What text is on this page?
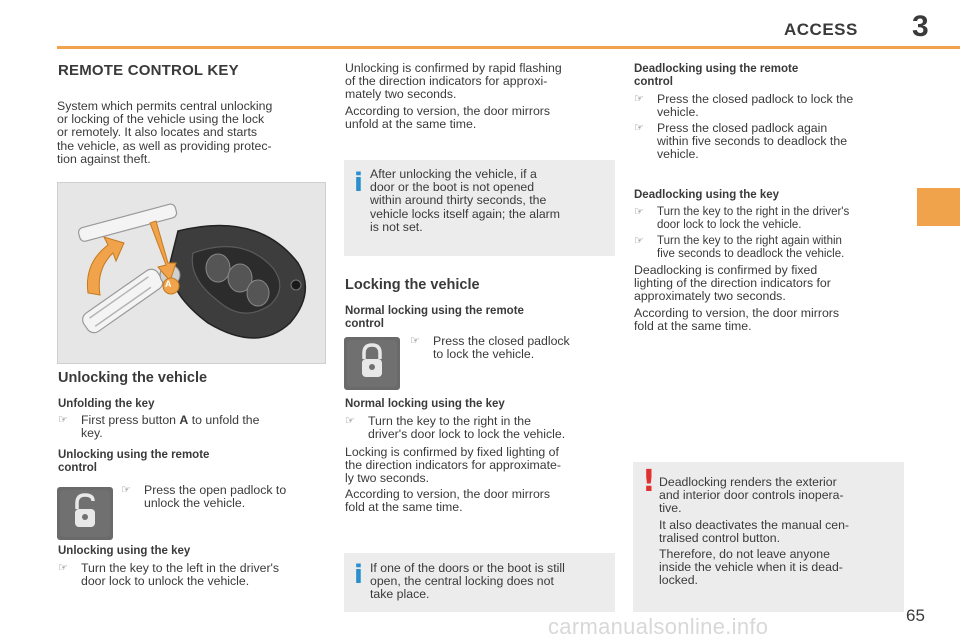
ACCESS 3
REMOTE CONTROL KEY
System which permits central unlocking
or locking of the vehicle using the lock
or remotely. It also locates and starts
the vehicle, as well as providing protec-
tion against theft.
A
Unlocking the vehicle
Unfolding the key
☞ First press button A to unfold the
key.
Unlocking using the remote
control
☞ Press the open padlock to
unlock the vehicle.
Unlocking using the key
☞ Turn the key to the left in the driver's
door lock to unlock the vehicle.
Unlocking is confirmed by rapid flashing
of the direction indicators for approxi-
mately two seconds.
According to version, the door mirrors
unfold at the same time.
i After unlocking the vehicle, if a
door or the boot is not opened
within around thirty seconds, the
vehicle locks itself again; the alarm
is not set.
Locking the vehicle
Normal locking using the remote
control
☞ Press the closed padlock
to lock the vehicle.
Normal locking using the key
☞ Turn the key to the right in the
driver's door lock to lock the vehicle.
Locking is confirmed by fixed lighting of
the direction indicators for approximate-
ly two seconds.
According to version, the door mirrors
fold at the same time.
i If one of the doors or the boot is still
open, the central locking does not
take place.
Deadlocking using the remote
control
☞ Press the closed padlock to lock the
vehicle.
☞ Press the closed padlock again
within five seconds to deadlock the
vehicle.
Deadlocking using the key
☞ Turn the key to the right in the driver's
door lock to lock the vehicle.
☞ Turn the key to the right again within
five seconds to deadlock the vehicle.
Deadlocking is confirmed by fixed
lighting of the direction indicators for
approximately two seconds.
According to version, the door mirrors
fold at the same time.
! Deadlocking renders the exterior
and interior door controls inopera-
tive.
It also deactivates the manual cen-
tralised control button.
Therefore, do not leave anyone
inside the vehicle when it is dead-
locked.
65
carmanualsonline.info
